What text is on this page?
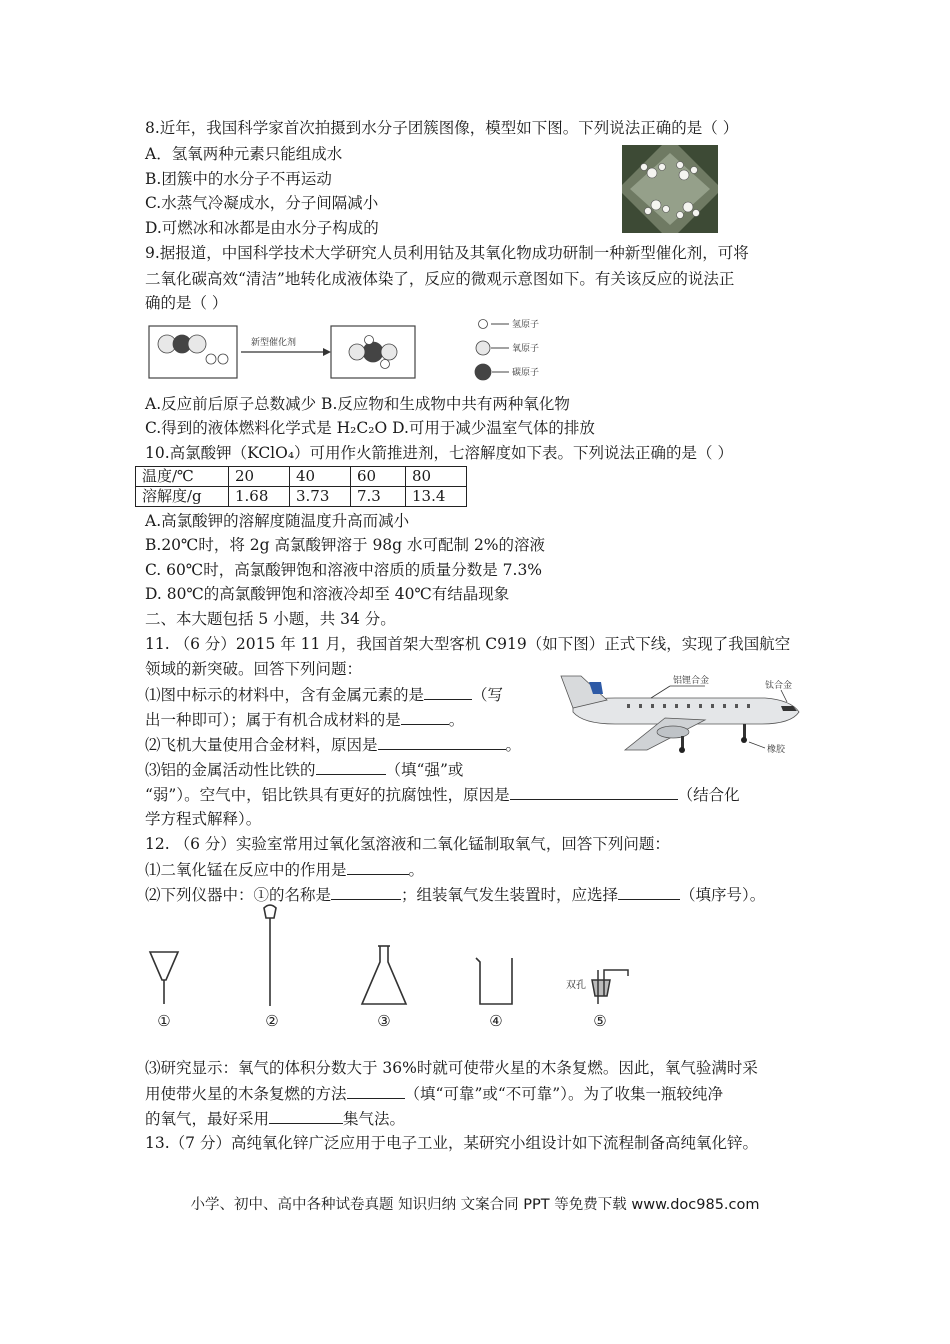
8.近年，我国科学家首次拍摄到水分子团簇图像，模型如下图。下列说法正确的是（ ）
A．氢氧两种元素只能组成水
B.团簇中的水分子不再运动
C.水蒸气冷凝成水，分子间隔减小
D.可燃冰和冰都是由水分子构成的
9.据报道，中国科学技术大学研究人员利用钴及其氧化物成功研制一种新型催化剂，可将
二氧化碳高效“清洁”地转化成液体染了，反应的微观示意图如下。有关该反应的说法正
确的是（ ）
新型催化剂
氢原子
氧原子
碳原子
A.反应前后原子总数减少 B.反应物和生成物中共有两种氧化物
C.得到的液体燃料化学式是 H₂C₂O D.可用于减少温室气体的排放
10.高氯酸钾（KClO₄）可用作火箭推进剂，七溶解度如下表。下列说法正确的是（ ）
温度/℃	20	40	60	80
溶解度/g	1.68	3.73	7.3	13.4
A.高氯酸钾的溶解度随温度升高而减小
B.20℃时，将 2g 高氯酸钾溶于 98g 水可配制 2%的溶液
C. 60℃时，高氯酸钾饱和溶液中溶质的质量分数是 7.3%
D. 80℃的高氯酸钾饱和溶液冷却至 40℃有结晶现象
二、本大题包括 5 小题，共 34 分。
11. （6 分）2015 年 11 月，我国首架大型客机 C919（如下图）正式下线，实现了我国航空
领域的新突破。回答下列问题：
⑴图中标示的材料中，含有金属元素的是	（写
出一种即可）；属于有机合成材料的是	。
⑵飞机大量使用合金材料，原因是	。
⑶铝的金属活动性比铁的	（填“强”或
“弱”）。空气中，铝比铁具有更好的抗腐蚀性，原因是	（结合化
学方程式解释）。
铝锂合金	钛合金
橡胶
12. （6 分）实验室常用过氧化氢溶液和二氧化锰制取氧气，回答下列问题：
⑴二氧化锰在反应中的作用是	。
⑵下列仪器中：①的名称是	；组装氧气发生装置时，应选择	（填序号）。
①	②	③	④
双孔
⑤
⑶研究显示：氧气的体积分数大于 36%时就可使带火星的木条复燃。因此，氧气验满时采
用使带火星的木条复燃的方法	（填“可靠”或“不可靠”）。为了收集一瓶较纯净
的氧气，最好采用	集气法。
13.（7 分）高纯氧化锌广泛应用于电子工业，某研究小组设计如下流程制备高纯氧化锌。
小学、初中、高中各种试卷真题 知识归纳 文案合同 PPT 等免费下载 www.doc985.com
